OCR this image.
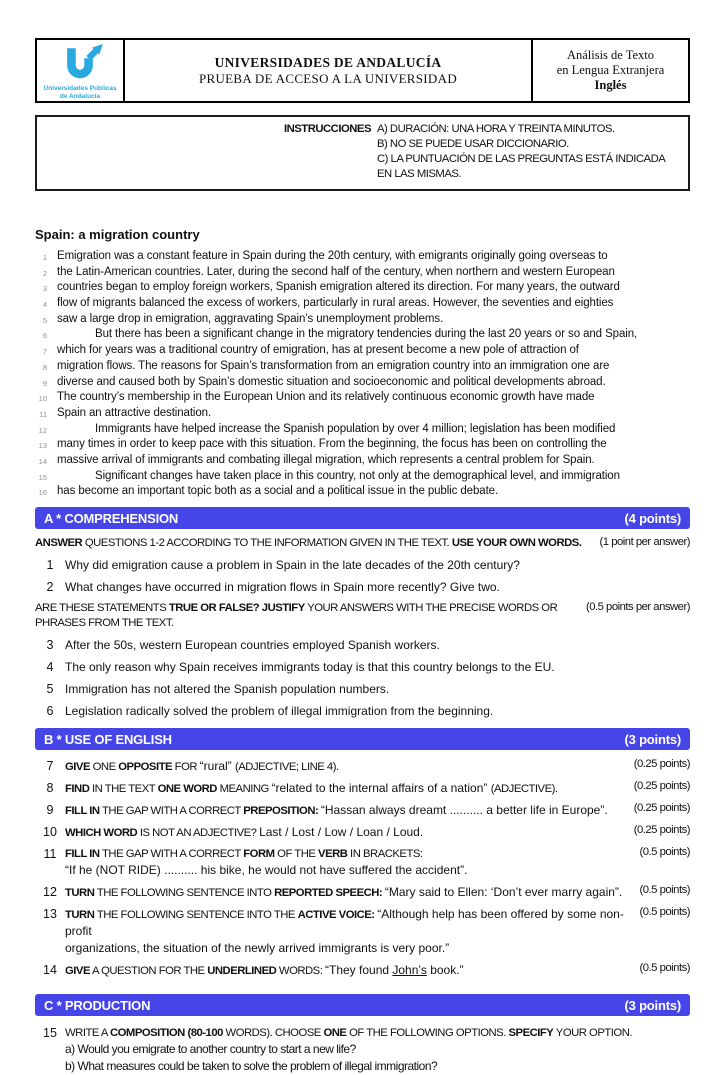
Universidades Públicas
de Andalucía
UNIVERSIDADES DE ANDALUCÍA
PRUEBA DE ACCESO A LA UNIVERSIDAD
Análisis de Texto
en Lengua Extranjera
Inglés
INSTRUCCIONES A) DURACIÓN: UNA HORA Y TREINTA MINUTOS.
B) NO SE PUEDE USAR DICCIONARIO.
C) LA PUNTUACIÓN DE LAS PREGUNTAS ESTÁ INDICADA EN LAS MISMAS.
Spain: a migration country
1 Emigration was a constant feature in Spain during the 20th century, with emigrants originally going overseas to
2 the Latin-American countries. Later, during the second half of the century, when northern and western European
3 countries began to employ foreign workers, Spanish emigration altered its direction. For many years, the outward
4 flow of migrants balanced the excess of workers, particularly in rural areas. However, the seventies and eighties
5 saw a large drop in emigration, aggravating Spain’s unemployment problems.
6	But there has been a significant change in the migratory tendencies during the last 20 years or so and Spain,
7 which for years was a traditional country of emigration, has at present become a new pole of attraction of
8 migration flows. The reasons for Spain’s transformation from an emigration country into an immigration one are
9 diverse and caused both by Spain’s domestic situation and socioeconomic and political developments abroad.
10 The country’s membership in the European Union and its relatively continuous economic growth have made
11 Spain an attractive destination.
12	Immigrants have helped increase the Spanish population by over 4 million; legislation has been modified
13 many times in order to keep pace with this situation. From the beginning, the focus has been on controlling the
14 massive arrival of immigrants and combating illegal migration, which represents a central problem for Spain.
15	Significant changes have taken place in this country, not only at the demographical level, and immigration
16 has become an important topic both as a social and a political issue in the public debate.
A * COMPREHENSION	(4 points)
ANSWER QUESTIONS 1-2 ACCORDING TO THE INFORMATION GIVEN IN THE TEXT. USE YOUR OWN WORDS.	(1 point per answer)
1 Why did emigration cause a problem in Spain in the late decades of the 20th century?
2 What changes have occurred in migration flows in Spain more recently? Give two.
ARE THESE STATEMENTS TRUE OR FALSE? JUSTIFY YOUR ANSWERS WITH THE PRECISE WORDS OR PHRASES FROM THE TEXT.
(0.5 points per answer)
3 After the 50s, western European countries employed Spanish workers.
4 The only reason why Spain receives immigrants today is that this country belongs to the EU.
5 Immigration has not altered the Spanish population numbers.
6 Legislation radically solved the problem of illegal immigration from the beginning.
B * USE OF ENGLISH	(3 points)
7	GIVE ONE OPPOSITE FOR “rural” (ADJECTIVE; LINE 4).	(0.25 points)
8	FIND IN THE TEXT ONE WORD MEANING “related to the internal affairs of a nation” (ADJECTIVE).	(0.25 points)
9	FILL IN THE GAP WITH A CORRECT PREPOSITION: “Hassan always dreamt .......... a better life in Europe”.	(0.25 points)
10 WHICH WORD IS NOT AN ADJECTIVE? Last / Lost / Low / Loan / Loud.	(0.25 points)
11 FILL IN THE GAP WITH A CORRECT FORM OF THE VERB IN BRACKETS:
“If he (NOT RIDE) .......... his bike, he would not have suffered the accident”.
(0.5 points)
12 TURN THE FOLLOWING SENTENCE INTO REPORTED SPEECH: “Mary said to Ellen: ‘Don’t ever marry again”.	(0.5 points)
13 TURN THE FOLLOWING SENTENCE INTO THE ACTIVE VOICE: “Although help has been offered by some non-profit
organizations, the situation of the newly arrived immigrants is very poor.”
(0.5 points)
14 GIVE A QUESTION FOR THE UNDERLINED WORDS: “They found John’s book.”	(0.5 points)
C * PRODUCTION	(3 points)
15 WRITE A COMPOSITION (80-100 WORDS). CHOOSE ONE OF THE FOLLOWING OPTIONS. SPECIFY YOUR OPTION.
a) Would you emigrate to another country to start a new life?
b) What measures could be taken to solve the problem of illegal immigration?
